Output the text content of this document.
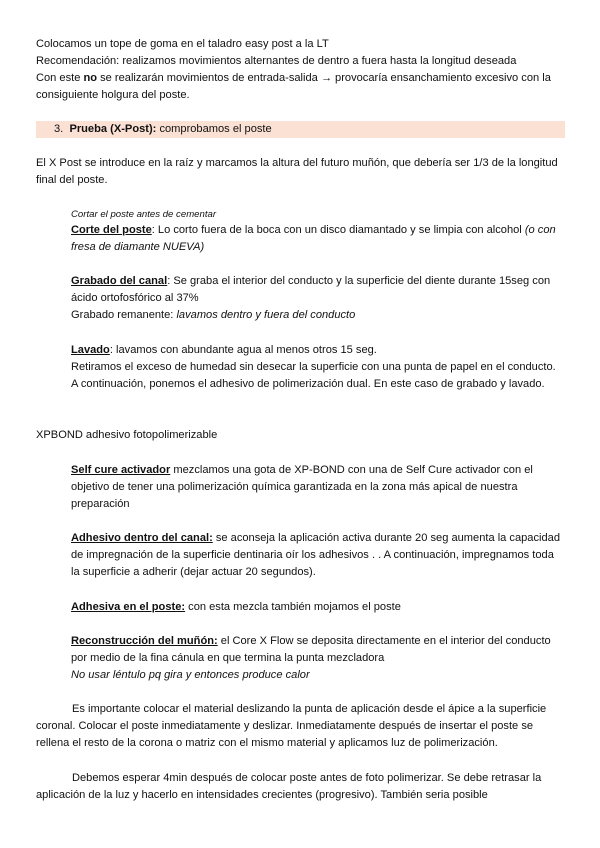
Colocamos un tope de goma en el taladro easy post a la LT

Recomendación: realizamos movimientos alternantes de dentro a fuera hasta la longitud deseada

Con este no se realizarán movimientos de entrada-salida → provocaría ensanchamiento excesivo con la consiguiente holgura del poste.

3. Prueba (X-Post): comprobamos el poste

El X Post se introduce en la raíz y marcamos la altura del futuro muñón, que debería ser 1/3 de la longitud final del poste.

Cortar el poste antes de cementar

Corte del poste: Lo corto fuera de la boca con un disco diamantado y se limpia con alcohol (o con fresa de diamante NUEVA)

Grabado del canal: Se graba el interior del conducto y la superficie del diente durante 15seg con ácido ortofosfórico al 37%

Grabado remanente: lavamos dentro y fuera del conducto

Lavado: lavamos con abundante agua al menos otros 15 seg.

Retiramos el exceso de humedad sin desecar la superficie con una punta de papel en el conducto. A continuación, ponemos el adhesivo de polimerización dual. En este caso de grabado y lavado.

XPBOND adhesivo fotopolimerizable

Self cure activador mezclamos una gota de XP-BOND con una de Self Cure activador con el objetivo de tener una polimerización química garantizada en la zona más apical de nuestra preparación

Adhesivo dentro del canal: se aconseja la aplicación activa durante 20 seg aumenta la capacidad de impregnación de la superficie dentinaria oír los adhesivos . . A continuación, impregnamos toda la superficie a adherir (dejar actuar 20 segundos).

Adhesiva en el poste: con esta mezcla también mojamos el poste

Reconstrucción del muñón: el Core X Flow se deposita directamente en el interior del conducto por medio de la fina cánula en que termina la punta mezcladora

No usar léntulo pq gira y entonces produce calor

Es importante colocar el material deslizando la punta de aplicación desde el ápice a la superficie coronal. Colocar el poste inmediatamente y deslizar. Inmediatamente después de insertar el poste se rellena el resto de la corona o matriz con el mismo material y aplicamos luz de polimerización.

Debemos esperar 4min después de colocar poste antes de foto polimerizar. Se debe retrasar la aplicación de la luz y hacerlo en intensidades crecientes (progresivo). También seria posible
